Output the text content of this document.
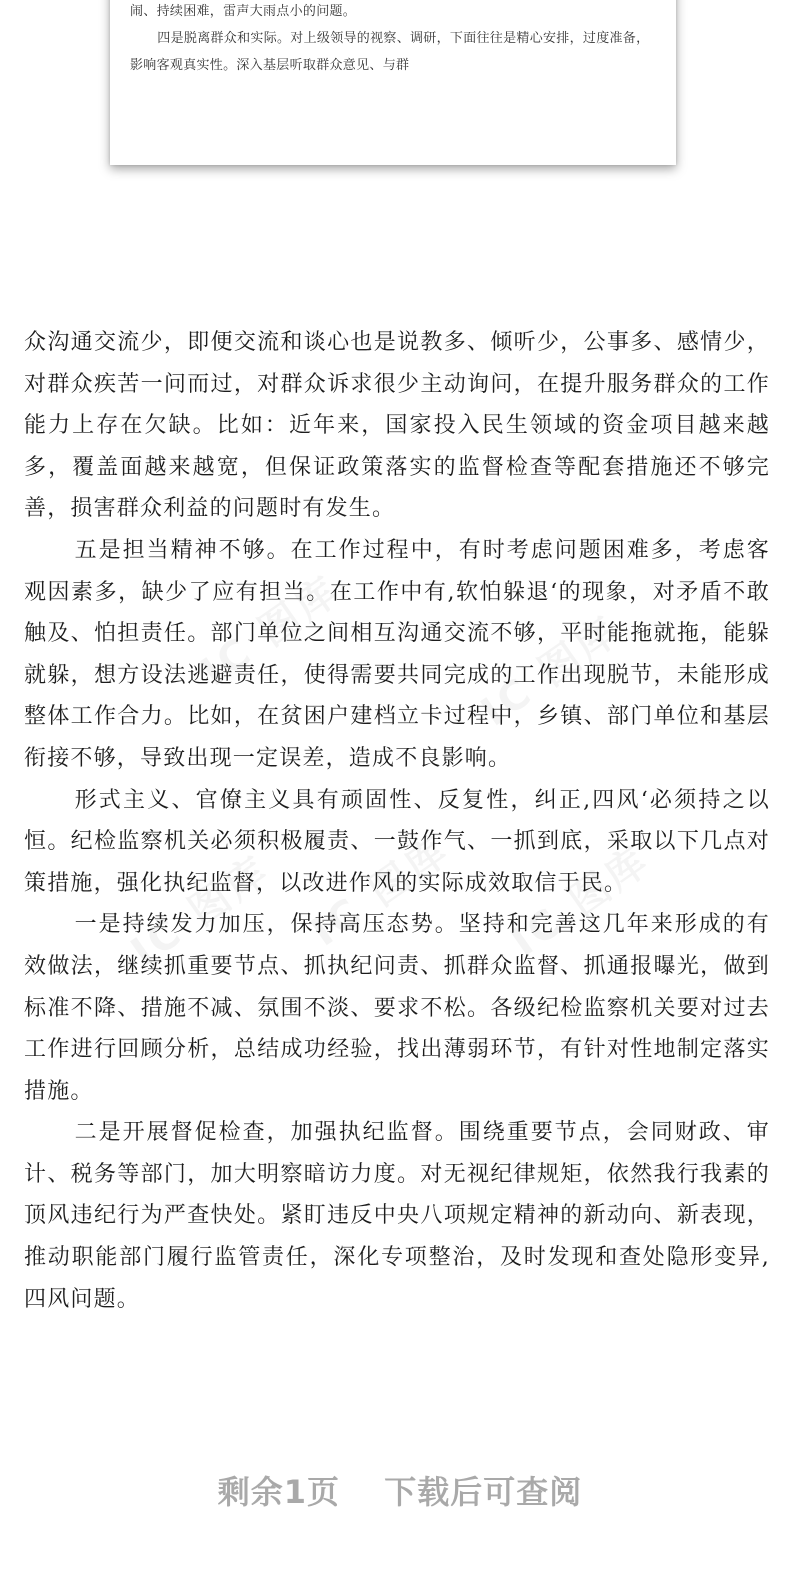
闹、持续困难，雷声大雨点小的问题。

四是脱离群众和实际。对上级领导的视察、调研，下面往往是精心安排，过度准备，影响客观真实性。深入基层听取群众意见、与群

众沟通交流少，即便交流和谈心也是说教多、倾听少，公事多、感情少，对群众疾苦一问而过，对群众诉求很少主动询问，在提升服务群众的工作能力上存在欠缺。比如：近年来，国家投入民生领域的资金项目越来越多，覆盖面越来越宽，但保证政策落实的监督检查等配套措施还不够完善，损害群众利益的问题时有发生。

五是担当精神不够。在工作过程中，有时考虑问题困难多，考虑客观因素多，缺少了应有担当。在工作中有,软怕躲退‘的现象，对矛盾不敢触及、怕担责任。部门单位之间相互沟通交流不够，平时能拖就拖，能躲就躲，想方设法逃避责任，使得需要共同完成的工作出现脱节，未能形成整体工作合力。比如，在贫困户建档立卡过程中，乡镇、部门单位和基层衔接不够，导致出现一定误差，造成不良影响。

形式主义、官僚主义具有顽固性、反复性，纠正,四风‘必须持之以恒。纪检监察机关必须积极履责、一鼓作气、一抓到底，采取以下几点对策措施，强化执纪监督，以改进作风的实际成效取信于民。

一是持续发力加压，保持高压态势。坚持和完善这几年来形成的有效做法，继续抓重要节点、抓执纪问责、抓群众监督、抓通报曝光，做到标准不降、措施不减、氛围不淡、要求不松。各级纪检监察机关要对过去工作进行回顾分析，总结成功经验，找出薄弱环节，有针对性地制定落实措施。

二是开展督促检查，加强执纪监督。围绕重要节点，会同财政、审计、税务等部门，加大明察暗访力度。对无视纪律规矩，依然我行我素的顶风违纪行为严查快处。紧盯违反中央八项规定精神的新动向、新表现，推动职能部门履行监管责任，深化专项整治，及时发现和查处隐形变异,四风问题。

剩余1页 下载后可查阅
